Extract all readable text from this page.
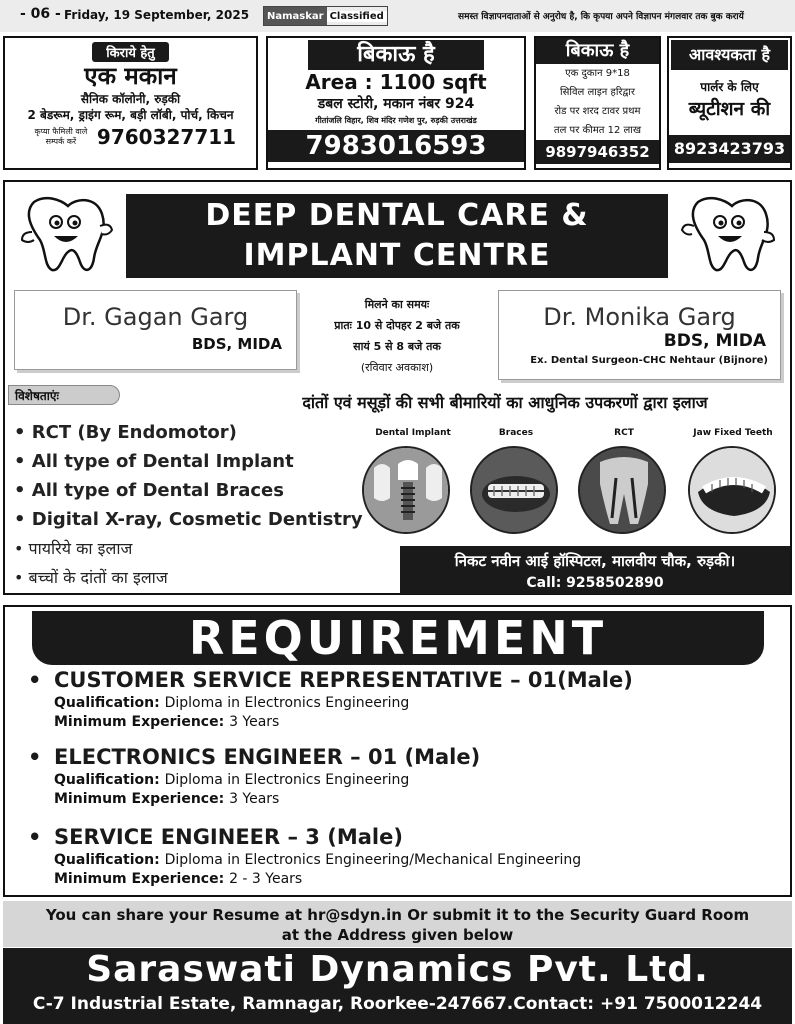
- 06 - Friday, 19 September, 2025	Namaskar Classified	समस्त विज्ञापनदाताओं से अनुरोध है, कि कृपया अपने विज्ञापन मंगलवार तक बुक करायें
किराये हेतु
एक मकान
सैनिक कॉलोनी, रुड़की
2 बेडरूम, ड्राइंग रूम, बड़ी लॉबी, पोर्च, किचन
कृप्या फैमिली वाले सम्पर्क करें	9760327711
बिकाऊ है
Area : 1100 sqft
डबल स्टोरी, मकान नंबर 924
गीतांजलि विहार, शिव मंदिर गणेश पुर, रुड़की उत्तराखंड
7983016593
बिकाऊ है
एक दुकान 9*18
सिविल लाइन हरिद्वार
रोड पर शरद टावर प्रथम
तल पर कीमत 12 लाख
9897946352
आवश्यकता है
पार्लर के लिए
ब्यूटीशन की
8923423793
DEEP DENTAL CARE &
IMPLANT CENTRE
Dr. Gagan Garg
BDS, MIDA
मिलने का समयः
प्रातः 10 से दोपहर 2 बजे तक
सायं 5 से 8 बजे तक
(रविवार अवकाश)
Dr. Monika Garg
BDS, MIDA
Ex. Dental Surgeon-CHC Nehtaur (Bijnore)
विशेषताएंः	दांतों एवं मसूड़ों की सभी बीमारियों का आधुनिक उपकरणों द्वारा इलाज
• RCT (By Endomotor)
• All type of Dental Implant
• All type of Dental Braces
• Digital X-ray, Cosmetic Dentistry
• पायरिये का इलाज
• बच्चों के दांतों का इलाज
Dental Implant	Braces	RCT	Jaw Fixed Teeth
निकट नवीन आई हॉस्पिटल, मालवीय चौक, रुड़की।
Call: 9258502890
REQUIREMENT
• CUSTOMER SERVICE REPRESENTATIVE – 01(Male)
Qualification: Diploma in Electronics Engineering
Minimum Experience: 3 Years
• ELECTRONICS ENGINEER – 01 (Male)
Qualification: Diploma in Electronics Engineering
Minimum Experience: 3 Years
• SERVICE ENGINEER – 3 (Male)
Qualification: Diploma in Electronics Engineering/Mechanical Engineering
Minimum Experience: 2 - 3 Years
You can share your Resume at hr@sdyn.in Or submit it to the Security Guard Room
at the Address given below
Saraswati Dynamics Pvt. Ltd.
C-7 Industrial Estate, Ramnagar, Roorkee-247667.Contact: +91 7500012244
